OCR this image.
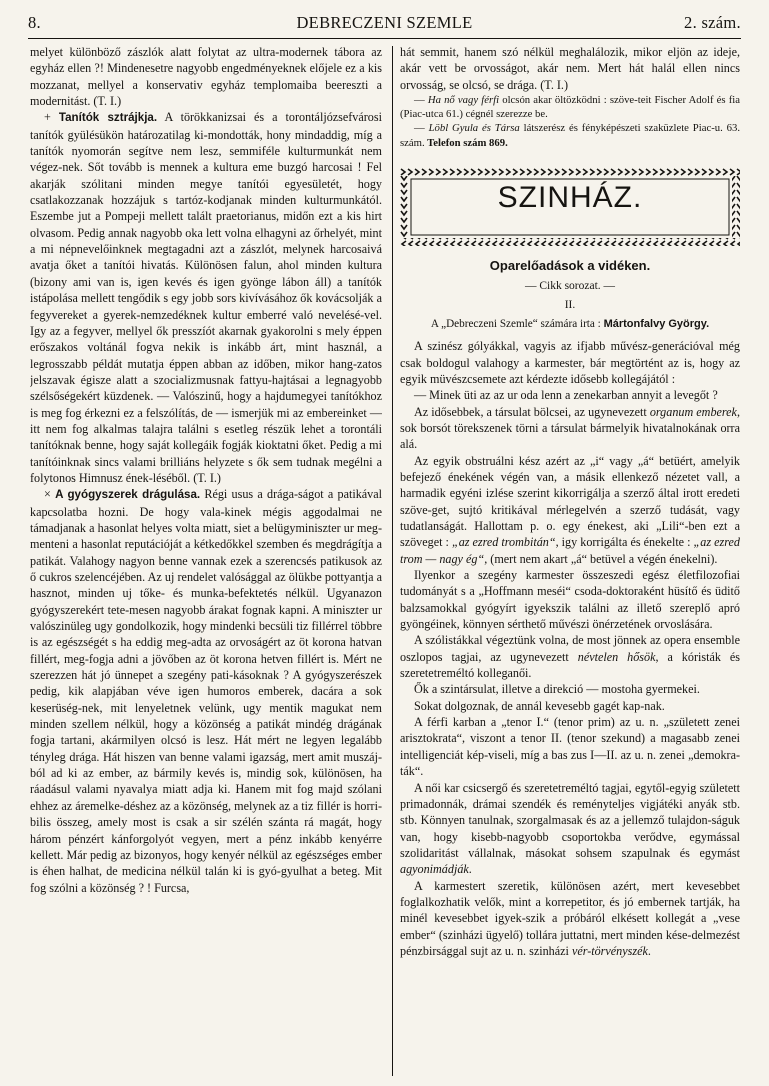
8.	DEBRECZENI SZEMLE	2. szám.

melyet különböző zászlók alatt folytat az ultra-modernek tábora az egyház ellen ?! Mindenesetre nagyobb engedményeknek előjele ez a kis mozzanat, mellyel a konservativ egyház templomaiba beereszti a modernitást. (T. I.)

+ Tanítók sztrájkja. A törökkanizsai és a torontáljózsefvárosi tanítók gyülésükön határozatilag ki-mondották, hony mindaddig, míg a tanítók nyomorán segítve nem lesz, semmiféle kulturmunkát nem végez-nek. Sőt tovább is mennek a kultura eme buzgó harcosai ! Fel akarják szólitani minden megye tanítói egyesületét, hogy csatlakozzanak hozzájuk s tartóz-kodjanak minden kulturmunkától. Eszembe jut a Pompeji mellett talált praetorianus, midőn ezt a kis hirt olvasom. Pedig annak nagyobb oka lett volna elhagyni az őrhelyét, mint a mi népnevelőinknek megtagadni azt a zászlót, melynek harcosaivá avatja őket a tanítói hivatás. Különösen falun, ahol minden kultura (bizony ami van is, igen kevés és igen gyönge lábon áll) a tanítók istápolása mellett tengődik s egy jobb sors kivívásához ők kovácsolják a fegyvereket a gyerek-nemzedéknek kultur emberré való nevelésé-vel. Igy az a fegyver, mellyel ők presszíót akarnak gyakorolni s mely éppen erőszakos voltánál fogva nekik is inkább árt, mint használ, a legrosszabb példát mutatja éppen abban az időben, mikor hang-zatos jelszavak égisze alatt a szocializmusnak fattyu-hajtásai a legnagyobb szélsőségekért küzdenek. — Valószinű, hogy a hajdumegyei tanítókhoz is meg fog érkezni ez a felszólítás, de — ismerjük mi az embereinket — itt nem fog alkalmas talajra találni s esetleg részük lehet a torontáli tanítóknak benne, hogy saját kollegáik fogják kioktatni őket. Pedig a mi tanítóinknak sincs valami brilliáns helyzete s ők sem tudnak megélni a folytonos Himnusz ének-léséből. (T. I.)

× A gyógyszerek drágulása. Régi usus a drága-ságot a patikával kapcsolatba hozni. De hogy vala-kinek mégis aggodalmai ne támadjanak a hasonlat helyes volta miatt, siet a belügyminiszter ur meg-menteni a hasonlat reputációját a kétkedőkkel szemben és megdrágítja a patikát. Valahogy nagyon benne vannak ezek a szerencsés patikusok az ő cukros szelencéjében. Az uj rendelet valósággal az ölükbe pottyantja a hasznot, minden uj tőke- és munka-befektetés nélkül. Ugyanazon gyógyszerekért tete-mesen nagyobb árakat fognak kapni. A miniszter ur valószinüleg ugy gondolkozik, hogy mindenki becsüli tiz fillérrel többre is az egészségét s ha eddig meg-adta az orvoságért az öt korona hatvan fillért, meg-fogja adni a jövőben az öt korona hetven fillért is. Mért ne szerezzen hát jó ünnepet a szegény pati-kásoknak ? A gyógyszerészek pedig, kik alapjában véve igen humoros emberek, dacára a sok keserüség-nek, mit lenyeletnek velünk, ugy mentik magukat nem minden szellem nélkül, hogy a közönség a patikát mindég drágának fogja tartani, akármilyen olcsó is lesz. Hát mért ne legyen legalább tényleg drága. Hát hiszen van benne valami igazság, mert amit muszáj-ból ad ki az ember, az bármily kevés is, mindig sok, különösen, ha ráadásul valami nyavalya miatt adja ki. Hanem mit fog majd szólani ehhez az áremelke-déshez az a közönség, melynek az a tiz fillér is horri-bilis összeg, amely most is csak a sir szélén szánta rá magát, hogy három pénzért kánforgolyót vegyen, mert a pénz inkább kenyérre kellett. Már pedig az bizonyos, hogy kenyér nélkül az egészséges ember is éhen halhat, de medicina nélkül talán ki is gyó-gyulhat a beteg. Mit fog szólni a közönség ? ! Furcsa,

hát semmit, hanem szó nélkül meghalálozik, mikor eljön az ideje, akár vett be orvosságot, akár nem. Mert hát halál ellen nincs orvosság, se olcsó, se drága. (T. I.)

— Ha nő vagy férfi olcsón akar öltözködni : szöve-teit Fischer Adolf és fia (Piac-utca 61.) cégnél szerezze be.

— Löbl Gyula és Társa látszerész és fényképészeti szaküzlete Piac-u. 63. szám. Telefon szám 869.

SZINHÁZ.
Oparelőadások a vidéken.
— Cikk sorozat. —
II.
A „Debreczeni Szemle“ számára irta : Mártonfalvy György.

A szinész gólyákkal, vagyis az ifjabb művész-generációval még csak boldogul valahogy a karmester, bár megtörtént az is, hogy az egyik müvészcsemete azt kérdezte idősebb kollegájától :

— Minek üti az az ur oda lenn a zenekarban annyit a levegőt ?

Az idősebbek, a társulat bölcsei, az ugynevezett organum emberek, sok borsót törekszenek törni a társulat bármelyik hivatalnokának orra alá.

Az egyik obstruálni kész azért az „i“ vagy „á“ betüért, amelyik befejező énekének végén van, a másik ellenkező nézetet vall, a harmadik egyéni izlése szerint kikorrigálja a szerző által irott eredeti szöve-get, sujtó kritikával mérlegelvén a szerző tudását, vagy tudatlanságát. Hallottam p. o. egy énekest, aki „Lili“-ben ezt a szöveget : „az ezred trombitán“, igy korrigálta és énekelte : „az ezred trom — nagy ég“, (mert nem akart „á“ betüvel a végén énekelni).

Ilyenkor a szegény karmester összeszedi egész életfilozofiai tudományát s a „Hoffmann meséi“ csoda-doktoraként hüsítő és üditő balzsamokkal gyógyírt igyekszik találni az illető szereplő apró gyöngéinek, könnyen sérthető művészi önérzetének orvoslására.

A szólistákkal végeztünk volna, de most jönnek az opera ensemble oszlopos tagjai, az ugynevezett névtelen hősök, a kóristák és szeretetreméltó kolleganői.

Ők a szintársulat, illetve a direkció — mostoha gyermekei.

Sokat dolgoznak, de annál kevesebb gagét kap-nak.

A férfi karban a „tenor I.“ (tenor prim) az u. n. „született zenei arisztokrata“, viszont a tenor II. (tenor szekund) a magasabb zenei intelligenciát kép-viseli, míg a bas zus I—II. az u. n. zenei „demokra-ták“.

A női kar csicsergő és szeretetreméltó tagjai, egytől-egyig született primadonnák, drámai szendék és reményteljes vigjátéki anyák stb. stb. Könnyen tanulnak, szorgalmasak és az a jellemző tulajdon-ságuk van, hogy kisebb-nagyobb csoportokba verődve, egymással szolidaritást vállalnak, másokat sohsem szapulnak és egymást agyonimádják.

A karmestert szeretik, különösen azért, mert kevesebbet foglalkozhatik velők, mint a korrepetitor, és jó embernek tartják, ha minél kevesebbet igyek-szik a próbáról elkésett kollegát a „vese ember“ (szinházi ügyelő) tollára juttatni, mert minden kése-delmezést pénzbirsággal sujt az u. n. szinházi vér-törvényszék.
